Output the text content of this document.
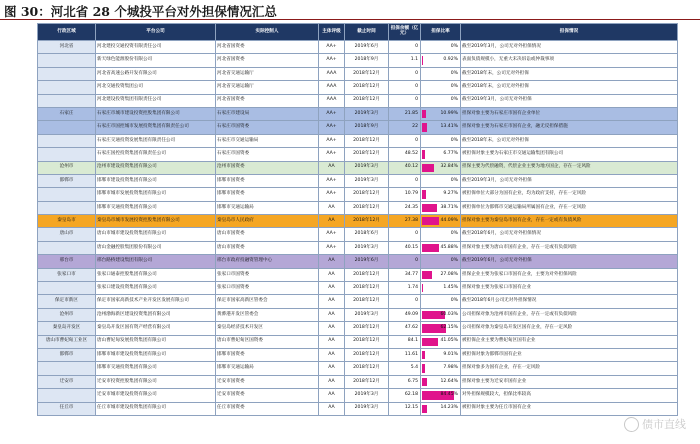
图 30：河北省 28 个城投平台对外担保情况汇总
行政区域	平台公司	实际控制人	主体评级	截止时间	担保余额（亿元）	担保比率	担保情况
河北省	河北建投交通投资有限责任公司	河北省国资委	AA+	2019年6月	0	0%	截至2019年3月，公司无对外担保情况
	新天绿色能源股份有限公司	河北省国资委	AA+	2018年9月	1.1	0.92%	表面负债规模小，无重大未决诉讼或仲裁事项
	河北省高速公路开发有限公司	河北省交通运输厅	AAA	2018年12月	0	0%	截至2018年末，公司无对外担保
	河北交通投资集团公司	河北省交通运输厅	AAA	2018年12月	0	0%	截至2018年末，公司无对外担保
	河北建设投资集团有限责任公司	河北省国资委	AAA	2018年12月	0	0%	截至2019年3月，公司无对外担保
石家庄	石家庄市城市建设投资控股集团有限公司	石家庄市建设局	AA+	2019年3月	21.85	10.99%	担保对象主要为石家庄市国有企业单位
	石家庄市国控城市发展投资集团有限责任公司	石家庄市国资委	AA+	2018年9月	22	13.41%	担保对象主要为石家庄市国有企业，融无反担保措施
	石家庄交通投资发展集团有限责任公司	石家庄市交通运输局	AA+	2018年12月	0	0%	截至2018年末，公司无对外担保
	石家庄国控投资集团有限责任公司	石家庄市国资委	AA+	2018年12月	48.52	6.77%	被担保对象主要为石家庄市交通运输集团有限公司
沧州市	沧州市建设投资集团有限公司	沧州市国资委	AA	2019年3月	40.12	32.84%	担保主要为代偿融资，代偿企业主要为地方国企，存在一定风险
邯郸市	邯郸市建设投资集团有限公司	邯郸市国资委	AA+	2019年3月	0	0%	截至2019年3月，公司无对外担保
	邯郸市城市发展投资集团有限公司	邯郸市国资委	AA+	2018年12月	10.79	9.27%	被担保单位大部分为国有企业，均为政府支持，存在一定风险
	邯郸市交通投资集团有限公司	邯郸市交通运输局	AA	2018年12月	24.35	38.71%	被担保单位为邯郸市交通运输局所属国有企业，存在一定风险
秦皇岛市	秦皇岛市城市发展投资控股集团有限公司	秦皇岛市人民政府	AA	2018年12月	27.38	44.09%	担保对象主要为秦皇岛市国有企业，存在一定或有负债风险
唐山市	唐山市城市建设投资集团有限公司	唐山市国资委	AA+	2018年6月	0	0%	截至2018年6月，公司无对外担保情况
	唐山金融控股集团股份有限公司	唐山市国资委	AA+	2019年3月	40.15	45.88%	担保对象主要为唐山市国有企业，存在一定或有负债风险
邢台市	邢台路桥建设集团有限公司	邢台市政府投融资管理中心	AA	2019年6月	0	0%	截至2019年6月，公司无对外担保
张家口市	张家口通泰控股集团有限公司	张家口市国资委	AA	2018年12月	34.77	27.08%	担保企业主要为张家口市国有企业，主要为对外担保风险
	张家口建设投资集团有限公司	张家口市国资委	AA	2018年12月	1.74	1.45%	担保对象主要为张家口市国有企业
保定市新区	保定市国家高新技术产业开发区发展有限公司	保定市国家高新区管委会	AA	2018年12月	0	0%	截至2018年6月公司无对外担保情况
沧州市	沧州渤海新区建设投资集团有限公司	黄骅港开发区管委会	AA	2019年3月	49.09	60.03%	公司担保对象为沧州市国有企业，存在一定或有负债风险
秦皇岛开发区	秦皇岛开发区国有资产经营有限公司	秦皇岛经济技术开发区	AA	2018年12月	47.62	62.15%	公司担保对象为秦皇岛开发区国有企业，存在一定风险
唐山市曹妃甸工业区	唐山曹妃甸发展投资集团有限公司	唐山市曹妃甸区国资委	AA	2018年12月	84.1	41.05%	被担保企业主要为曹妃甸区国有企业
邯郸市	邯郸市城市建设投资集团有限公司	邯郸市国资委	AA	2018年12月	11.61	9.01%	被担保对象为邯郸市国有企业
	邯郸市交通投资集团有限公司	邯郸市交通运输局	AA	2018年12月	5.4	7.98%	担保对象多为国有企业，存在一定风险
迁安市	迁安市投资控股集团有限公司	迁安市国资委	AA	2018年12月	6.75	12.64%	担保对象主要为迁安市国有企业
	迁安市城市建设投资有限公司	迁安市国资委	AA	2019年3月	62.18	84.45%	对外担保规模较大，担保比率较高
任丘市	任丘市城市建设投资集团有限公司	任丘市国资委	AA	2019年3月	12.15	14.23%	被担保对象主要为任丘市国有企业
债市直线
